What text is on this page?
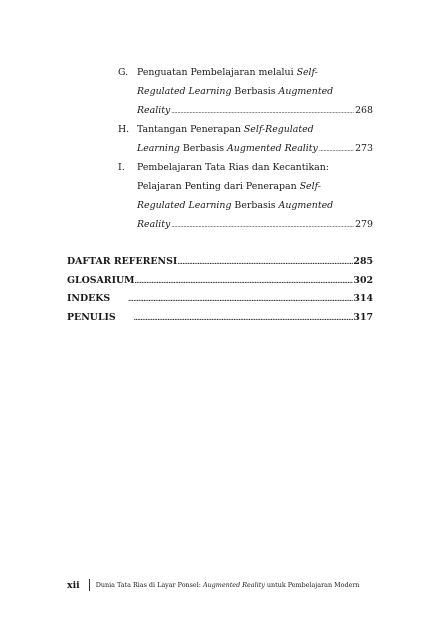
G. Penguatan Pembelajaran melalui Self-
Regulated Learning Berbasis Augmented
Reality .....	268
H. Tantangan Penerapan Self-Regulated
Learning Berbasis Augmented Reality .....	273
I.	Pembelajaran Tata Rias dan Kecantikan:
Pelajaran Penting dari Penerapan Self-
Regulated Learning Berbasis Augmented
Reality .....	279
DAFTAR REFERENSI .....	285
GLOSARIUM .....	302
INDEKS .....	314
PENULIS .....	317
xii	Dunia Tata Rias di Layar Ponsel: Augmented Reality untuk Pembelajaran Modern
